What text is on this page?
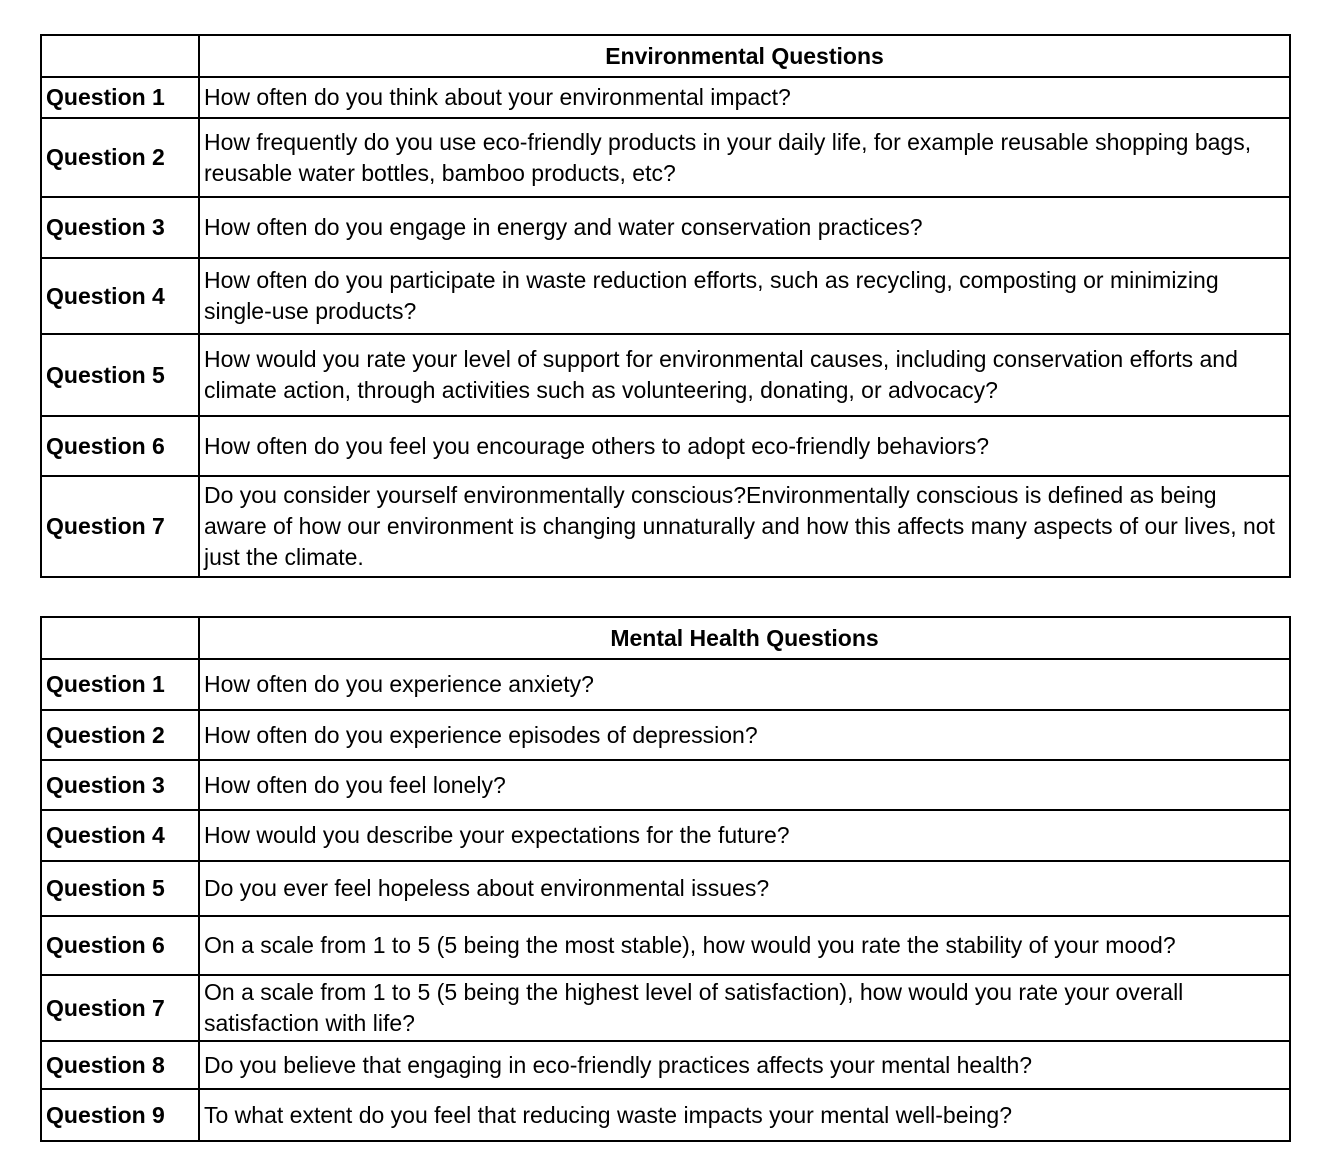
	Environmental Questions
Question 1	How often do you think about your environmental impact?
Question 2	How frequently do you use eco-friendly products in your daily life, for example reusable shopping bags, reusable water bottles, bamboo products, etc?
Question 3	How often do you engage in energy and water conservation practices?
Question 4	How often do you participate in waste reduction efforts, such as recycling, composting or minimizing single-use products?
Question 5	How would you rate your level of support for environmental causes, including conservation efforts and climate action, through activities such as volunteering, donating, or advocacy?
Question 6	How often do you feel you encourage others to adopt eco-friendly behaviors?
Question 7	Do you consider yourself environmentally conscious?Environmentally conscious is defined as being aware of how our environment is changing unnaturally and how this affects many aspects of our lives, not just the climate.
	Mental Health Questions
Question 1	How often do you experience anxiety?
Question 2	How often do you experience episodes of depression?
Question 3	How often do you feel lonely?
Question 4	How would you describe your expectations for the future?
Question 5	Do you ever feel hopeless about environmental issues?
Question 6	On a scale from 1 to 5 (5 being the most stable), how would you rate the stability of your mood?
Question 7	On a scale from 1 to 5 (5 being the highest level of satisfaction), how would you rate your overall satisfaction with life?
Question 8	Do you believe that engaging in eco-friendly practices affects your mental health?
Question 9	To what extent do you feel that reducing waste impacts your mental well-being?
